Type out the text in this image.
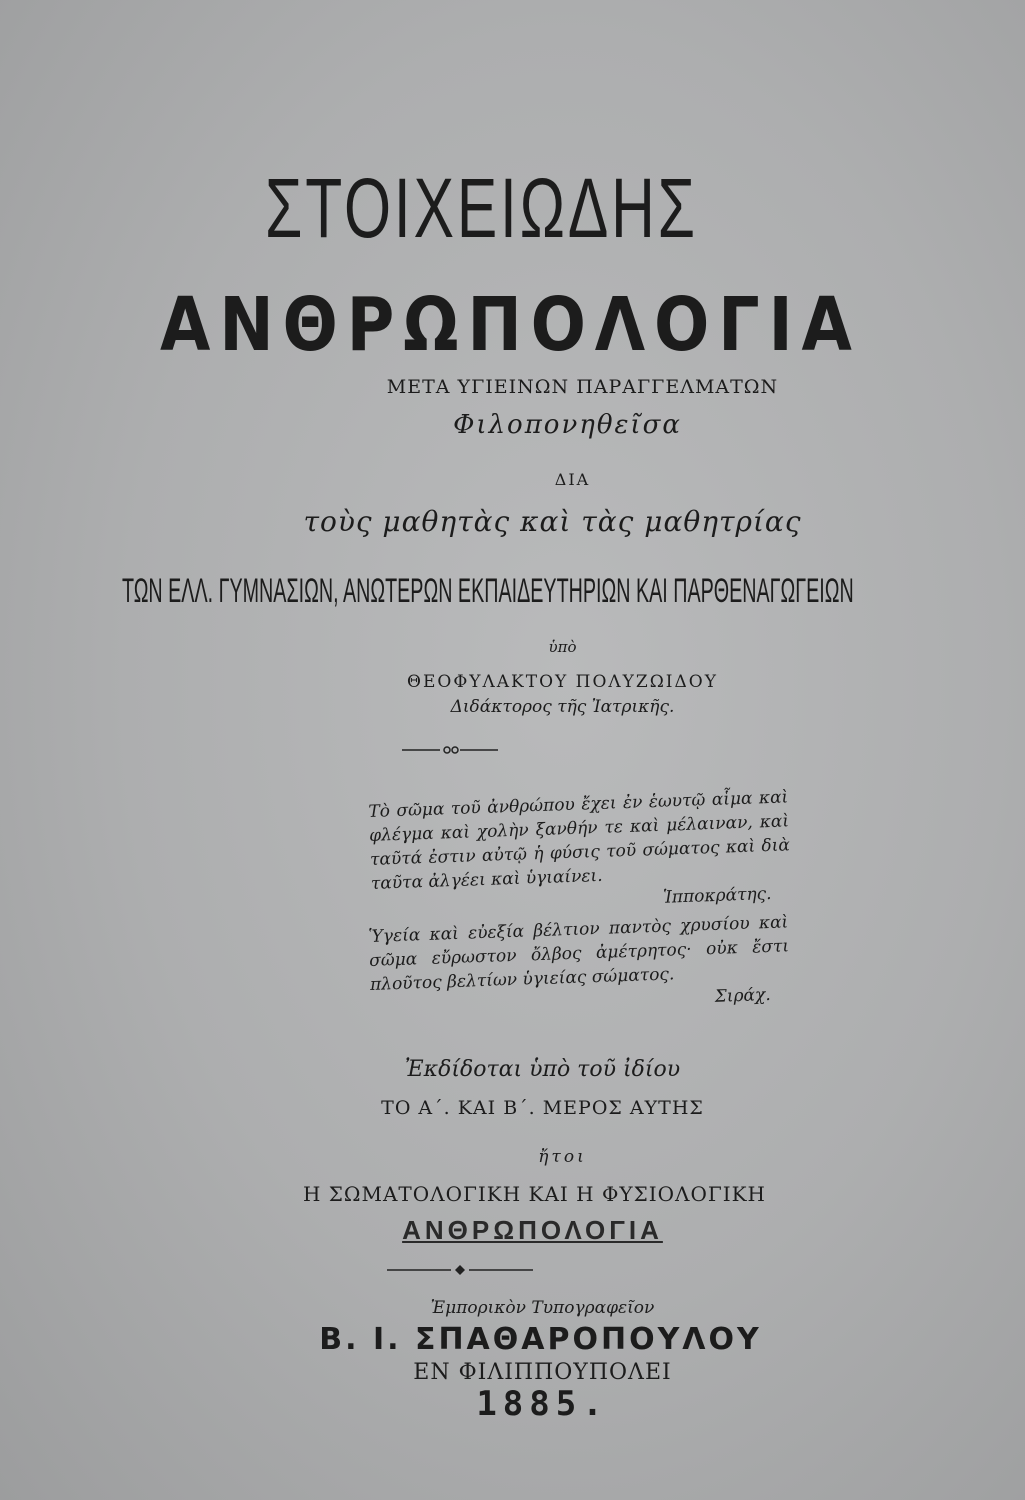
ΣΤΟΙΧΕΙΩΔΗΣ
ΑΝΘΡΩΠΟΛΟΓΙΑ
ΜΕΤΑ ΥΓΙΕΙΝΩΝ ΠΑΡΑΓΓΕΛΜΑΤΩΝ
Φιλοπονηθεῖσα
ΔΙΑ
τοὺς μαθητὰς καὶ τὰς μαθητρίας
ΤΩΝ ΕΛΛ. ΓΥΜΝΑΣΙΩΝ, ΑΝΩΤΕΡΩΝ ΕΚΠΑΙΔΕΥΤΗΡΙΩΝ ΚΑΙ ΠΑΡΘΕΝΑΓΩΓΕΙΩΝ
ὑπὸ
ΘΕΟΦΥΛΑΚΤΟΥ ΠΟΛΥΖΩΙΔΟΥ
Διδάκτορος τῆς Ἰατρικῆς.
Τὸ σῶμα τοῦ ἀνθρώπου ἔχει ἐν ἑωυτῷ αἷμα καὶ φλέγμα καὶ χολὴν ξανθήν τε καὶ μέλαιναν, καὶ ταῦτά ἐστιν αὐτῷ ἡ φύσις τοῦ σώματος καὶ διὰ ταῦτα ἀλγέει καὶ ὑγιαίνει.
Ἱπποκράτης.
Ὑγεία καὶ εὐεξία βέλτιον παντὸς χρυσίου καὶ σῶμα εὔρωστον ὄλβος ἀμέτρητος· οὐκ ἔστι πλοῦτος βελτίων ὑγιείας σώματος.
Σιράχ.
Ἐκδίδοται ὑπὸ τοῦ ἰδίου
ΤΟ Α΄. ΚΑΙ Β΄. ΜΕΡΟΣ ΑΥΤΗΣ
ἤτοι
Η ΣΩΜΑΤΟΛΟΓΙΚΗ ΚΑΙ Η ΦΥΣΙΟΛΟΓΙΚΗ
ΑΝΘΡΩΠΟΛΟΓΙΑ
Ἐμπορικὸν Τυπογραφεῖον
Β. Ι. ΣΠΑΘΑΡΟΠΟΥΛΟΥ
ΕΝ ΦΙΛΙΠΠΟΥΠΟΛΕΙ
1885.
